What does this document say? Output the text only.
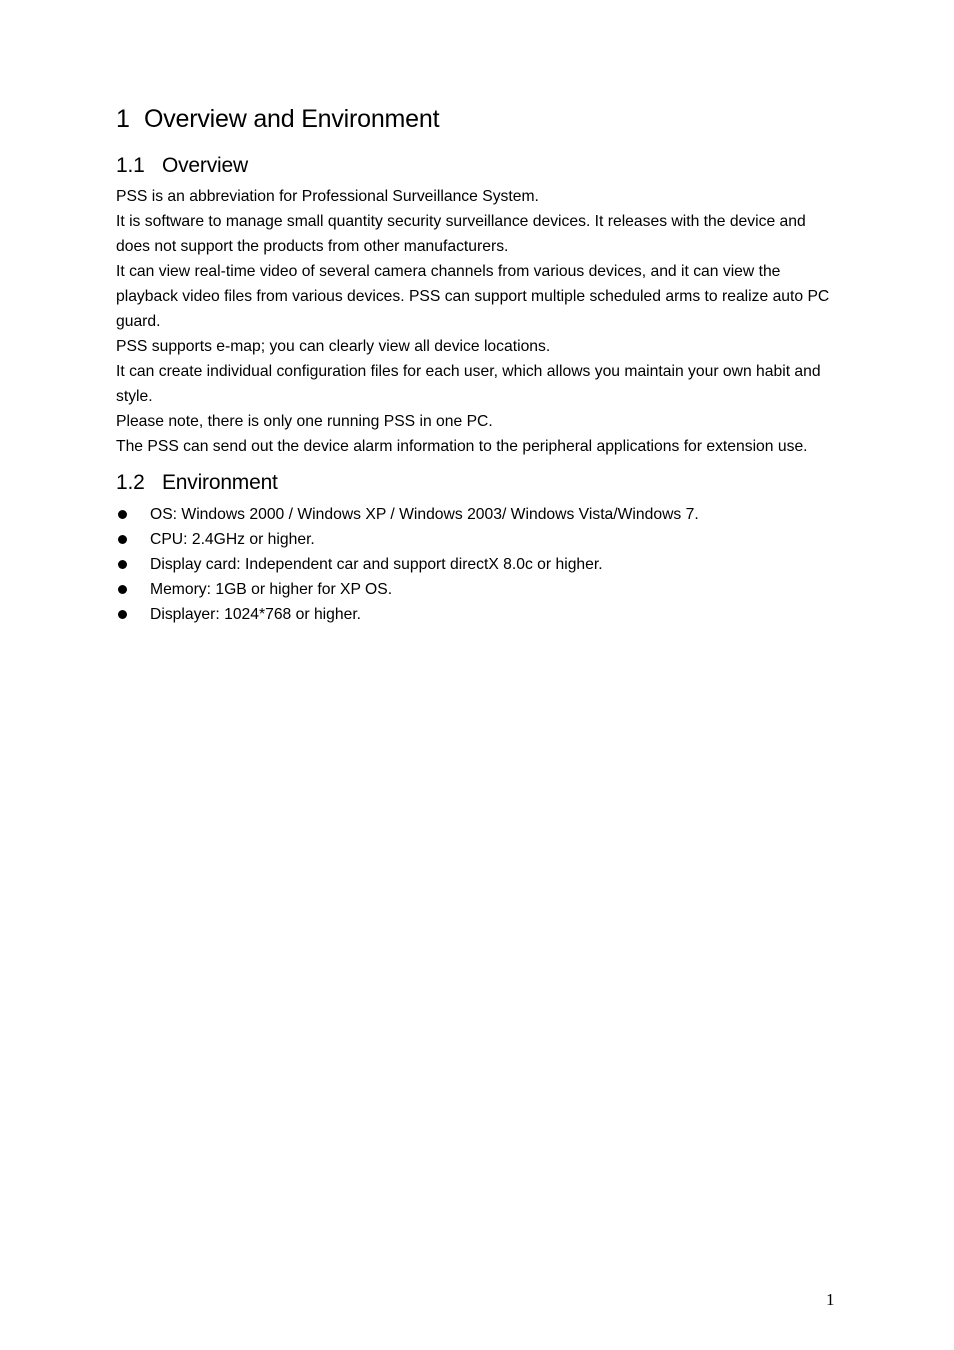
1 Overview and Environment
1.1 Overview

PSS is an abbreviation for Professional Surveillance System.

It is software to manage small quantity security surveillance devices. It releases with the device and does not support the products from other manufacturers.

It can view real-time video of several camera channels from various devices, and it can view the playback video files from various devices. PSS can support multiple scheduled arms to realize auto PC guard.

PSS supports e-map; you can clearly view all device locations.

It can create individual configuration files for each user, which allows you maintain your own habit and style.

Please note, there is only one running PSS in one PC.

The PSS can send out the device alarm information to the peripheral applications for extension use.

1.2 Environment
OS: Windows 2000 / Windows XP / Windows 2003/ Windows Vista/Windows 7.
CPU: 2.4GHz or higher.
Display card: Independent car and support directX 8.0c or higher.
Memory: 1GB or higher for XP OS.
Displayer: 1024*768 or higher.
1
